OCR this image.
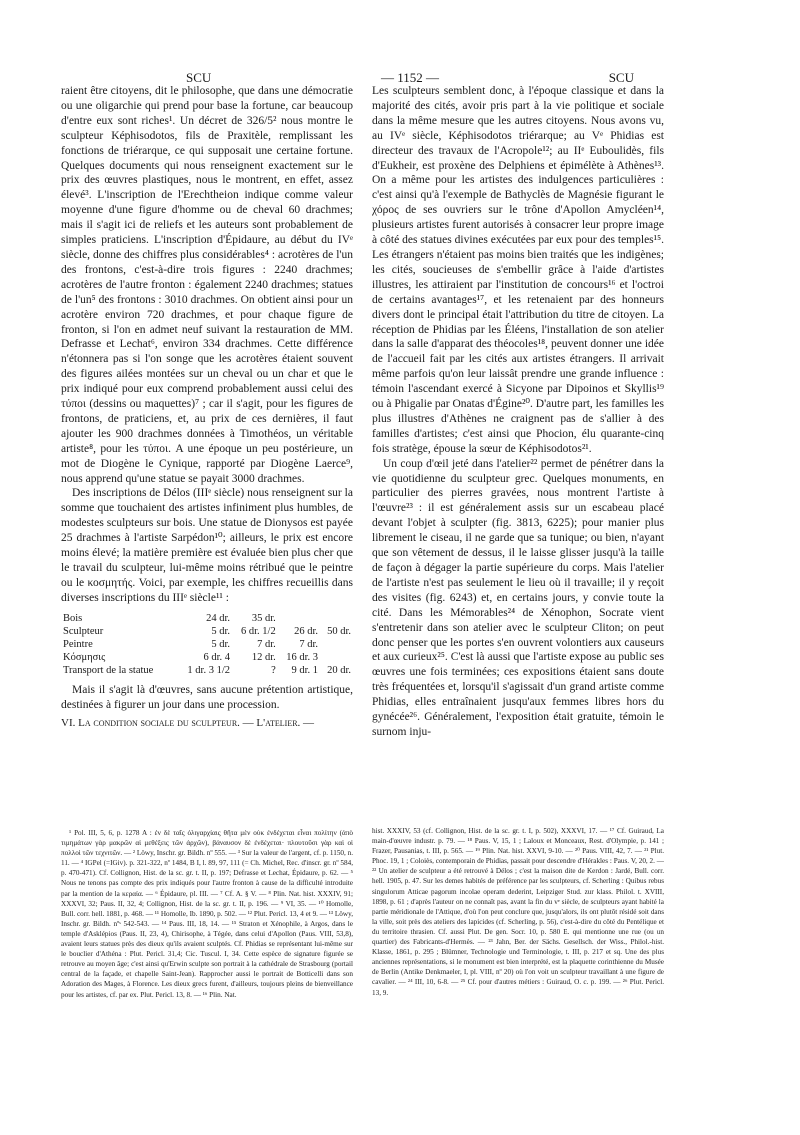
SCU	— 1152 —	SCU

raient être citoyens, dit le philosophe, que dans une démocratie ou une oligarchie qui prend pour base la fortune, car beaucoup d'entre eux sont riches¹. Un décret de 326/5² nous montre le sculpteur Képhisodotos, fils de Praxitèle, remplissant les fonctions de triérarque, ce qui supposait une certaine fortune. Quelques documents qui nous renseignent exactement sur le prix des œuvres plastiques, nous le montrent, en effet, assez élevé³. L'inscription de l'Erechtheion indique comme valeur moyenne d'une figure d'homme ou de cheval 60 drachmes; mais il s'agit ici de reliefs et les auteurs sont probablement de simples praticiens. L'inscription d'Épidaure, au début du IVᵉ siècle, donne des chiffres plus considérables⁴ : acrotères de l'un des frontons, c'est-à-dire trois figures : 2240 drachmes; acrotères de l'autre fronton : également 2240 drachmes; statues de l'un⁵ des frontons : 3010 drachmes. On obtient ainsi pour un acrotère environ 720 drachmes, et pour chaque figure de fronton, si l'on en admet neuf suivant la restauration de MM. Defrasse et Lechat⁶, environ 334 drachmes. Cette différence n'étonnera pas si l'on songe que les acrotères étaient souvent des figures ailées montées sur un cheval ou un char et que le prix indiqué pour eux comprend probablement aussi celui des τύποι (dessins ou maquettes)⁷ ; car il s'agit, pour les figures de frontons, de praticiens, et, au prix de ces dernières, il faut ajouter les 900 drachmes données à Timothéos, un véritable artiste⁸, pour les τύποι. A une époque un peu postérieure, un mot de Diogène le Cynique, rapporté par Diogène Laerce⁹, nous apprend qu'une statue se payait 3000 drachmes.

Des inscriptions de Délos (IIIᵉ siècle) nous renseignent sur la somme que touchaient des artistes infiniment plus humbles, de modestes sculpteurs sur bois. Une statue de Dionysos est payée 25 drachmes à l'artiste Sarpédon¹⁰; ailleurs, le prix est encore moins élevé; la matière première est évaluée bien plus cher que le travail du sculpteur, lui-même moins rétribué que le peintre ou le κοσμητής. Voici, par exemple, les chiffres recueillis dans diverses inscriptions du IIIᵉ siècle¹¹ :

Bois	24 dr.	35 dr.		
Sculpteur	5 dr.	6 dr. 1/2	26 dr.	50 dr.
Peintre	5 dr.	7 dr.	7 dr.	
Κόσμησις	6 dr. 4	12 dr.	16 dr. 3	
Transport de la statue	1 dr. 3 1/2	?	9 dr. 1	20 dr.

Mais il s'agit là d'œuvres, sans aucune prétention artistique, destinées à figurer un jour dans une procession.

VI. La condition sociale du sculpteur. — L'atelier. —

Les sculpteurs semblent donc, à l'époque classique et dans la majorité des cités, avoir pris part à la vie politique et sociale dans la même mesure que les autres citoyens. Nous avons vu, au IVᵉ siècle, Képhisodotos triérarque; au Vᵉ Phidias est directeur des travaux de l'Acropole¹²; au IIᵉ Euboulidès, fils d'Eukheir, est proxène des Delphiens et épimélète à Athènes¹³. On a même pour les artistes des indulgences particulières : c'est ainsi qu'à l'exemple de Bathyclès de Magnésie figurant le χόρος de ses ouvriers sur le trône d'Apollon Amycléen¹⁴, plusieurs artistes furent autorisés à consacrer leur propre image à côté des statues divines exécutées par eux pour des temples¹⁵. Les étrangers n'étaient pas moins bien traités que les indigènes; les cités, soucieuses de s'embellir grâce à l'aide d'artistes illustres, les attiraient par l'institution de concours¹⁶ et l'octroi de certains avantages¹⁷, et les retenaient par des honneurs divers dont le principal était l'attribution du titre de citoyen. La réception de Phidias par les Éléens, l'installation de son atelier dans la salle d'apparat des théocoles¹⁸, peuvent donner une idée de l'accueil fait par les cités aux artistes étrangers. Il arrivait même parfois qu'on leur laissât prendre une grande influence : témoin l'ascendant exercé à Sicyone par Dipoinos et Skyllis¹⁹ ou à Phigalie par Onatas d'Égine²⁰. D'autre part, les familles les plus illustres d'Athènes ne craignent pas de s'allier à des familles d'artistes; c'est ainsi que Phocion, élu quarante-cinq fois stratège, épouse la sœur de Képhisodotos²¹.

Un coup d'œil jeté dans l'atelier²² permet de pénétrer dans la vie quotidienne du sculpteur grec. Quelques monuments, en particulier des pierres gravées, nous montrent l'artiste à l'œuvre²³ : il est généralement assis sur un escabeau placé devant l'objet à sculpter (fig. 3813, 6225); pour manier plus librement le ciseau, il ne garde que sa tunique; ou bien, n'ayant que son vêtement de dessus, il le laisse glisser jusqu'à la taille de façon à dégager la partie supérieure du corps. Mais l'atelier de l'artiste n'est pas seulement le lieu où il travaille; il y reçoit des visites (fig. 6243) et, en certains jours, y convie toute la cité. Dans les Mémorables²⁴ de Xénophon, Socrate vient s'entretenir dans son atelier avec le sculpteur Cliton; on peut donc penser que les portes s'en ouvrent volontiers aux causeurs et aux curieux²⁵. C'est là aussi que l'artiste expose au public ses œuvres une fois terminées; ces expositions étaient sans doute très fréquentées et, lorsqu'il s'agissait d'un grand artiste comme Phidias, elles entraînaient jusqu'aux femmes libres hors du gynécée²⁶. Généralement, l'exposition était gratuite, témoin le surnom inju-

¹ Pol. III, 5, 6, p. 1278 A : ἐν δὲ ταῖς ὀλιγαρχίαις θῆτα μὲν οὐκ ἐνδέχεται εἶναι πολίτην (ἀπὸ τιμημάτων γὰρ μακρῶν αἱ μεθέξεις τῶν ἀρχῶν), βάναυσον δὲ ἐνδέχεται· πλουτοῦσι γὰρ καὶ οἱ πολλοὶ τῶν τεχνιτῶν. — ² Löwy, Inschr. gr. Bildh. nº 555. — ³ Sur la valeur de l'argent, cf. p. 1150, n. 11. — ⁴ IGPel (=IGiv). p. 321-322, nº 1484, B I, l. 89, 97, 111 (= Ch. Michel, Rec. d'inscr. gr. nº 584, p. 470-471). Cf. Collignon, Hist. de la sc. gr. t. II, p. 197; Defrasse et Lechat, Épidaure, p. 62. — ⁵ Nous ne tenons pas compte des prix indiqués pour l'autre fronton à cause de la difficulté introduite par la mention de la κεραία. — ⁶ Épidaure, pl. III. — ⁷ Cf. A. § V. — ⁸ Plin. Nat. hist. XXXIV, 91; XXXVI, 32; Paus. II, 32, 4; Collignon, Hist. de la sc. gr. t. II, p. 196. — ⁹ VI, 35. — ¹⁰ Homolle, Bull. corr. hell. 1881, p. 468. — ¹¹ Homolle, Ib. 1890, p. 502. — ¹² Plut. Pericl. 13, 4 et 9. — ¹³ Löwy, Inschr. gr. Bildh. nºˢ 542-543. — ¹⁴ Paus. III, 18, 14. — ¹⁵ Straton et Xénophile, à Argos, dans le temple d'Asklépios (Paus. II, 23, 4), Chirisophe, à Tégée, dans celui d'Apollon (Paus. VIII, 53,8), avaient leurs statues près des dieux qu'ils avaient sculptés. Cf. Phidias se représentant lui-même sur le bouclier d'Athéna : Plut. Pericl. 31,4; Cic. Tuscul. I, 34. Cette espèce de signature figurée se retrouve au moyen âge; c'est ainsi qu'Erwin sculpte son portrait à la cathédrale de Strasbourg (portail central de la façade, et chapelle Saint-Jean). Rapprocher aussi le portrait de Botticelli dans son Adoration des Mages, à Florence. Les dieux grecs furent, d'ailleurs, toujours pleins de bienveillance pour les artistes, cf. par ex. Plut. Pericl. 13, 8. — ¹⁶ Plin. Nat.

hist. XXXIV, 53 (cf. Collignon, Hist. de la sc. gr. t. I, p. 502), XXXVI, 17. — ¹⁷ Cf. Guiraud, La main-d'œuvre industr. p. 79. — ¹⁸ Paus. V, 15, 1 ; Laloux et Monceaux, Rest. d'Olympie, p. 141 ; Frazer, Pausanias, t. III, p. 565. — ¹⁹ Plin. Nat. hist. XXVI, 9-10. — ²⁰ Paus. VIII, 42, 7. — ²¹ Plut. Phoc. 19, 1 ; Coloiès, contemporain de Phidias, passait pour descendre d'Hérakles : Paus. V, 20, 2. — ²² Un atelier de sculpteur a été retrouvé à Délos ; c'est la maison dite de Kerdon : Jardé, Bull. corr. hell. 1905, p. 47. Sur les demes habités de préférence par les sculpteurs, cf. Scherling : Quibus rebus singulorum Atticae pagorum incolae operam dederint, Leipziger Stud. zur klass. Philol. t. XVIII, 1898, p. 61 ; d'après l'auteur on ne connaît pas, avant la fin du vᵉ siècle, de sculpteurs ayant habité la partie méridionale de l'Attique, d'où l'on peut conclure que, jusqu'alors, ils ont plutôt résidé soit dans la ville, soit près des ateliers des lapicides (cf. Scherling, p. 56), c'est-à-dire du côté du Pentélique et du territoire thrasien. Cf. aussi Plut. De gen. Socr. 10, p. 580 E. qui mentionne une rue (ou un quartier) des Fabricants-d'Hermès. — ²³ Jahn, Ber. der Sächs. Gesellsch. der Wiss., Philol.-hist. Klasse, 1861, p. 295 ; Blümner, Technologie und Terminologie, t. III, p. 217 et sq. Une des plus anciennes représentations, si le monument est bien interprété, est la plaquette corinthienne du Musée de Berlin (Antike Denkmaeler, I, pl. VIII, nº 20) où l'on voit un sculpteur travaillant à une figure de cavalier. — ²⁴ III, 10, 6-8. — ²⁵ Cf. pour d'autres métiers : Guiraud, O. c. p. 199. — ²⁶ Plut. Pericl. 13, 9.
